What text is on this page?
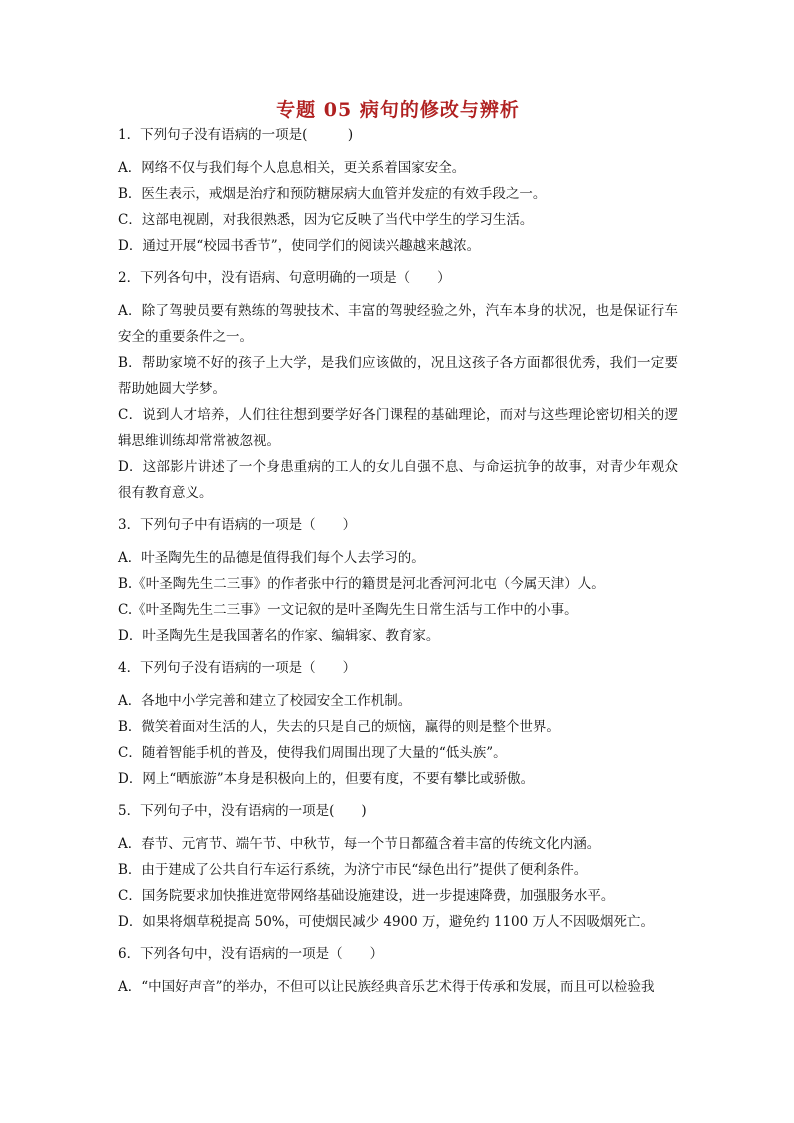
专题 05 病句的修改与辨析

1．下列句子没有语病的一项是(　　　)

A．网络不仅与我们每个人息息相关，更关系着国家安全。

B．医生表示，戒烟是治疗和预防糖尿病大血管并发症的有效手段之一。

C．这部电视剧，对我很熟悉，因为它反映了当代中学生的学习生活。

D．通过开展“校园书香节”，使同学们的阅读兴趣越来越浓。

2．下列各句中，没有语病、句意明确的一项是（　　）

A．除了驾驶员要有熟练的驾驶技术、丰富的驾驶经验之外，汽车本身的状况，也是保证行车安全的重要条件之一。

B．帮助家境不好的孩子上大学，是我们应该做的，况且这孩子各方面都很优秀，我们一定要帮助她圆大学梦。

C．说到人才培养，人们往往想到要学好各门课程的基础理论，而对与这些理论密切相关的逻辑思维训练却常常被忽视。

D．这部影片讲述了一个身患重病的工人的女儿自强不息、与命运抗争的故事，对青少年观众很有教育意义。

3．下列句子中有语病的一项是（　　）

A．叶圣陶先生的品德是值得我们每个人去学习的。

B.《叶圣陶先生二三事》的作者张中行的籍贯是河北香河河北屯（今属天津）人。

C.《叶圣陶先生二三事》一文记叙的是叶圣陶先生日常生活与工作中的小事。

D．叶圣陶先生是我国著名的作家、编辑家、教育家。

4．下列句子没有语病的一项是（　　）

A．各地中小学完善和建立了校园安全工作机制。

B．微笑着面对生活的人，失去的只是自己的烦恼，赢得的则是整个世界。

C．随着智能手机的普及，使得我们周围出现了大量的“低头族”。

D．网上“晒旅游”本身是积极向上的，但要有度，不要有攀比或骄傲。

5．下列句子中，没有语病的一项是(　　)

A．春节、元宵节、端午节、中秋节，每一个节日都蕴含着丰富的传统文化内涵。

B．由于建成了公共自行车运行系统，为济宁市民“绿色出行”提供了便利条件。

C．国务院要求加快推进宽带网络基础设施建设，进一步提速降费，加强服务水平。

D．如果将烟草税提高 50%，可使烟民减少 4900 万，避免约 1100 万人不因吸烟死亡。

6．下列各句中，没有语病的一项是（　　）

A．“中国好声音”的举办，不但可以让民族经典音乐艺术得于传承和发展，而且可以检验我
